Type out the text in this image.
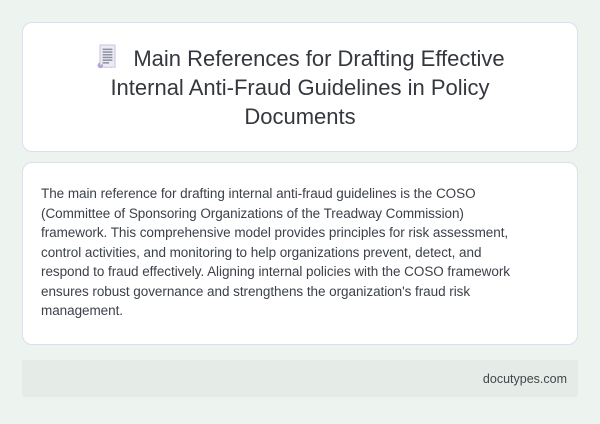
Main References for Drafting Effective
Internal Anti-Fraud Guidelines in Policy
Documents

The main reference for drafting internal anti-fraud guidelines is the COSO
(Committee of Sponsoring Organizations of the Treadway Commission)
framework. This comprehensive model provides principles for risk assessment,
control activities, and monitoring to help organizations prevent, detect, and
respond to fraud effectively. Aligning internal policies with the COSO framework
ensures robust governance and strengthens the organization's fraud risk
management.

docutypes.com
